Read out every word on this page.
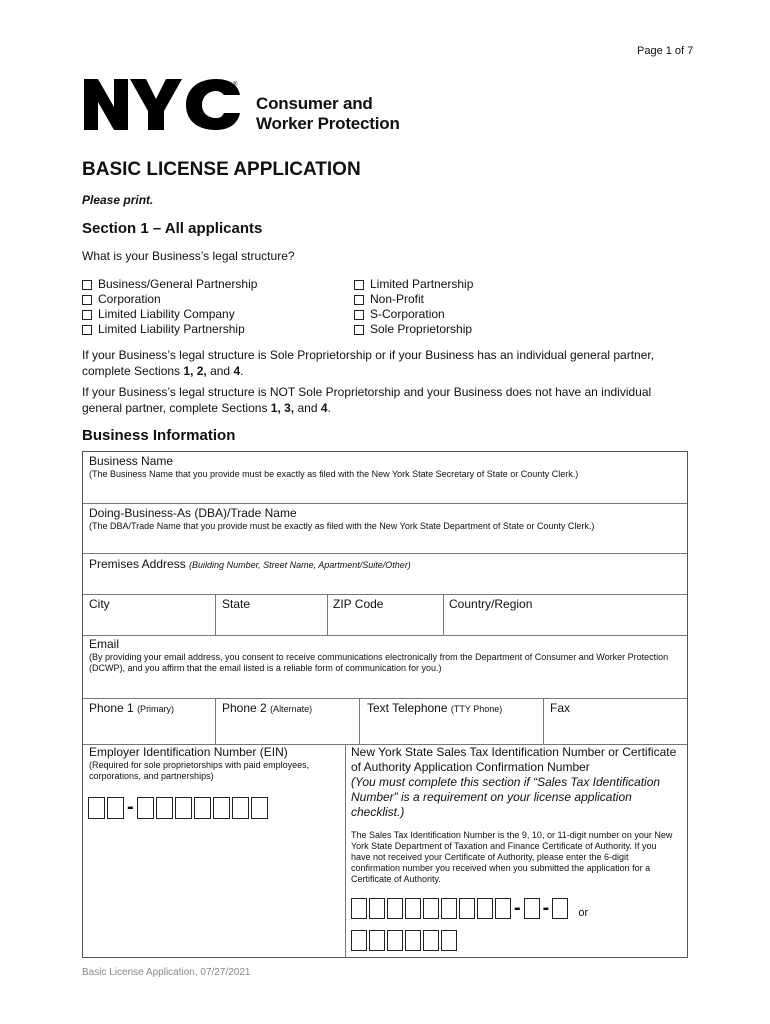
Page 1 of 7
®
Consumer and
Worker Protection
BASIC LICENSE APPLICATION
Please print.
Section 1 – All applicants
What is your Business’s legal structure?
Business/General Partnership
Corporation
Limited Liability Company
Limited Liability Partnership
Limited Partnership
Non-Profit
S-Corporation
Sole Proprietorship
If your Business’s legal structure is Sole Proprietorship or if your Business has an individual general partner, complete Sections 1, 2, and 4.
If your Business’s legal structure is NOT Sole Proprietorship and your Business does not have an individual general partner, complete Sections 1, 3, and 4.
Business Information
Business Name
(The Business Name that you provide must be exactly as filed with the New York State Secretary of State or County Clerk.)
Doing-Business-As (DBA)/Trade Name
(The DBA/Trade Name that you provide must be exactly as filed with the New York State Department of State or County Clerk.)
Premises Address (Building Number, Street Name, Apartment/Suite/Other)
City	State	ZIP Code	Country/Region
Email
(By providing your email address, you consent to receive communications electronically from the Department of Consumer and Worker Protection (DCWP), and you affirm that the email listed is a reliable form of communication for you.)
Phone 1 (Primary)	Phone 2 (Alternate)	Text Telephone (TTY Phone)	Fax
Employer Identification Number (EIN)
(Required for sole proprietorships with paid employees, corporations, and partnerships)
-
New York State Sales Tax Identification Number or Certificate of Authority Application Confirmation Number
(You must complete this section if “Sales Tax Identification Number” is a requirement on your license application checklist.)
The Sales Tax Identification Number is the 9, 10, or 11-digit number on your New York State Department of Taxation and Finance Certificate of Authority. If you have not received your Certificate of Authority, please enter the 6-digit confirmation number you received when you submitted the application for a Certificate of Authority.
- -	or
Basic License Application, 07/27/2021
